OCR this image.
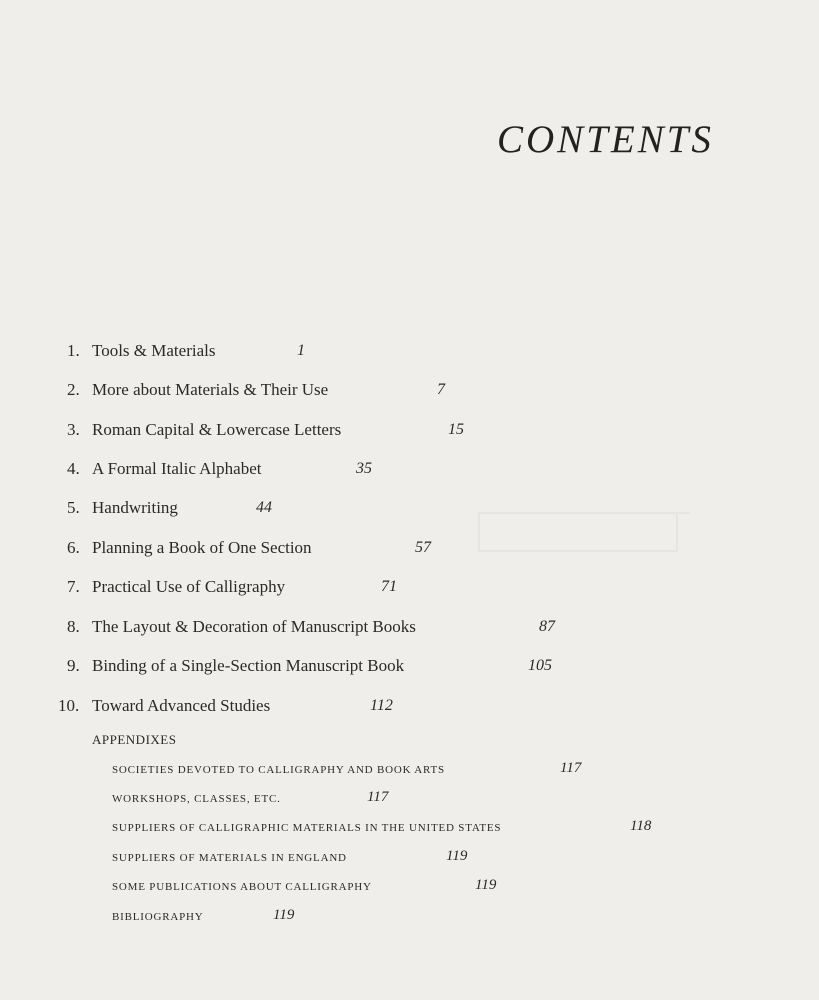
CONTENTS
1. Tools & Materials
2. More about Materials & Their Use
3. Roman Capital & Lowercase Letters
4. A Formal Italic Alphabet
5. Handwriting
6. Planning a Book of One Section
7. Practical Use of Calligraphy
8. The Layout & Decoration of Manuscript Books
9. Binding of a Single-Section Manuscript Book
10. Toward Advanced Studies
1
7
15
35
44
57
71
87
105
112
APPENDIXES
SOCIETIES DEVOTED TO CALLIGRAPHY AND BOOK ARTS
WORKSHOPS, CLASSES, ETC.
SUPPLIERS OF CALLIGRAPHIC MATERIALS IN THE UNITED STATES
SUPPLIERS OF MATERIALS IN ENGLAND
SOME PUBLICATIONS ABOUT CALLIGRAPHY
BIBLIOGRAPHY
117
117
118
119
119
119
